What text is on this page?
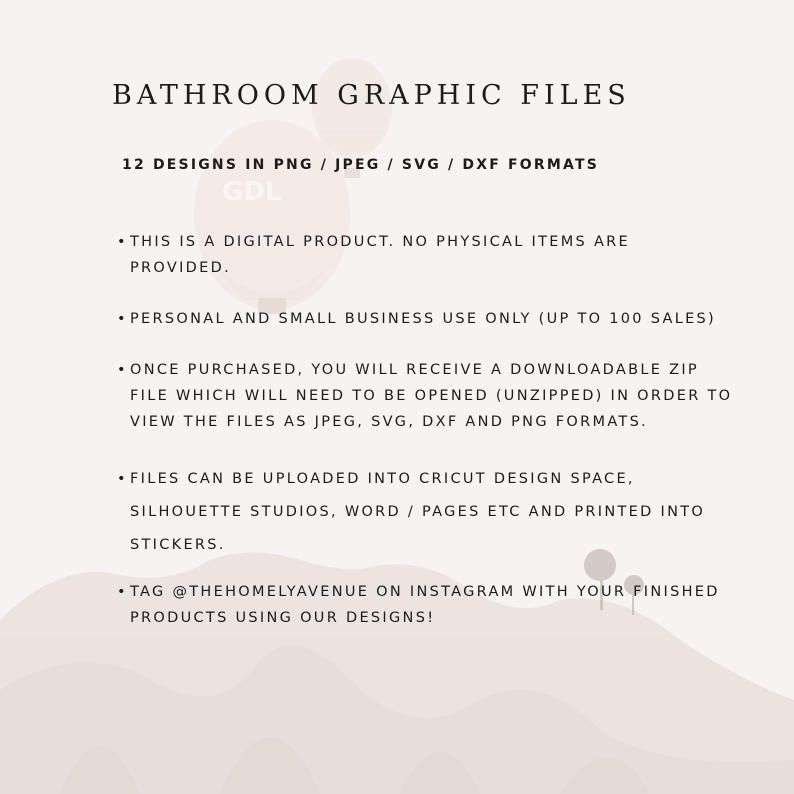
GDL
BATHROOM GRAPHIC FILES
12 DESIGNS IN PNG / JPEG / SVG / DXF FORMATS
• THIS IS A DIGITAL PRODUCT. NO PHYSICAL ITEMS ARE PROVIDED.
• PERSONAL AND SMALL BUSINESS USE ONLY (UP TO 100 SALES)
• ONCE PURCHASED, YOU WILL RECEIVE A DOWNLOADABLE ZIP FILE WHICH WILL NEED TO BE OPENED (UNZIPPED) IN ORDER TO VIEW THE FILES AS JPEG, SVG, DXF AND PNG FORMATS.
• FILES CAN BE UPLOADED INTO CRICUT DESIGN SPACE, SILHOUETTE STUDIOS, WORD / PAGES ETC AND PRINTED INTO STICKERS.
• TAG @THEHOMELYAVENUE ON INSTAGRAM WITH YOUR FINISHED PRODUCTS USING OUR DESIGNS!
